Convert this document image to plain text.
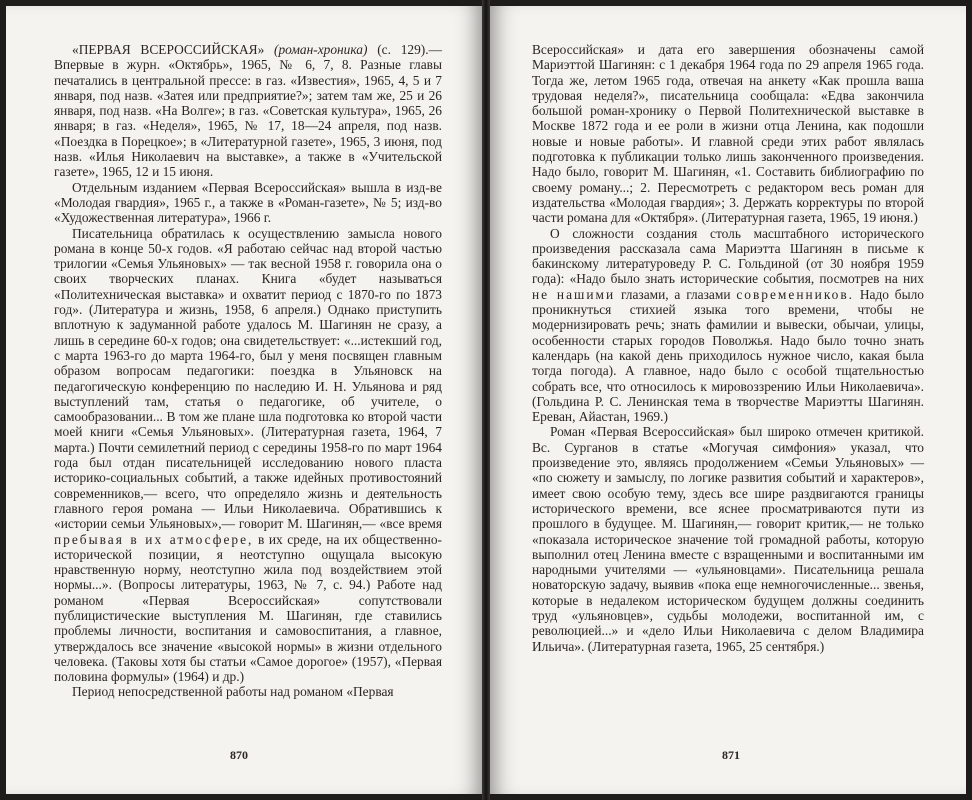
«ПЕРВАЯ ВСЕРОССИЙСКАЯ» (роман-хроника) (с. 129).— Впервые в журн. «Октябрь», 1965, № 6, 7, 8. Разные главы печатались в центральной прессе: в газ. «Известия», 1965, 4, 5 и 7 января, под назв. «Затея или предприятие?»; затем там же, 25 и 26 января, под назв. «На Волге»; в газ. «Советская культура», 1965, 26 января; в газ. «Неделя», 1965, № 17, 18—24 апреля, под назв. «Поездка в Порецкое»; в «Литературной газете», 1965, 3 июня, под назв. «Илья Николаевич на выставке», а также в «Учительской газете», 1965, 12 и 15 июня.

Отдельным изданием «Первая Всероссийская» вышла в изд-ве «Молодая гвардия», 1965 г., а также в «Роман-газете», № 5; изд-во «Художественная литература», 1966 г.

Писательница обратилась к осуществлению замысла нового романа в конце 50-х годов. «Я работаю сейчас над второй частью трилогии «Семья Ульяновых» — так весной 1958 г. говорила она о своих творческих планах. Книга «будет называться «Политехническая выставка» и охватит период с 1870-го по 1873 год». (Литература и жизнь, 1958, 6 апреля.) Однако приступить вплотную к задуманной работе удалось М. Шагинян не сразу, а лишь в середине 60-х годов; она свидетельствует: «...истекший год, с марта 1963-го до марта 1964-го, был у меня посвящен главным образом вопросам педагогики: поездка в Ульяновск на педагогическую конференцию по наследию И. Н. Ульянова и ряд выступлений там, статья о педагогике, об учителе, о самообразовании... В том же плане шла подготовка ко второй части моей книги «Семья Ульяновых». (Литературная газета, 1964, 7 марта.) Почти семилетний период с середины 1958-го по март 1964 года был отдан писательницей исследованию нового пласта историко-социальных событий, а также идейных противостояний современников,— всего, что определяло жизнь и деятельность главного героя романа — Ильи Николаевича. Обратившись к «истории семьи Ульяновых»,— говорит М. Шагинян,— «все время пребывая в их атмосфере, в их среде, на их общественно-исторической позиции, я неотступно ощущала высокую нравственную норму, неотступно жила под воздействием этой нормы...». (Вопросы литературы, 1963, № 7, с. 94.) Работе над романом «Первая Всероссийская» сопутствовали публицистические выступления М. Шагинян, где ставились проблемы личности, воспитания и самовоспитания, а главное, утверждалось все значение «высокой нормы» в жизни отдельного человека. (Таковы хотя бы статьи «Самое дорогое» (1957), «Первая половина формулы» (1964) и др.)

Период непосредственной работы над романом «Первая

870

Всероссийская» и дата его завершения обозначены самой Мариэттой Шагинян: с 1 декабря 1964 года по 29 апреля 1965 года. Тогда же, летом 1965 года, отвечая на анкету «Как прошла ваша трудовая неделя?», писательница сообщала: «Едва закончила большой роман-хронику о Первой Политехнической выставке в Москве 1872 года и ее роли в жизни отца Ленина, как подошли новые и новые работы». И главной среди этих работ являлась подготовка к публикации только лишь законченного произведения. Надо было, говорит М. Шагинян, «1. Составить библиографию по своему роману...; 2. Пересмотреть с редактором весь роман для издательства «Молодая гвардия»; 3. Держать корректуры по второй части романа для «Октября». (Литературная газета, 1965, 19 июня.)

О сложности создания столь масштабного исторического произведения рассказала сама Мариэтта Шагинян в письме к бакинскому литературоведу Р. С. Гольдиной (от 30 ноября 1959 года): «Надо было знать исторические события, посмотрев на них не нашими глазами, а глазами современников. Надо было проникнуться стихией языка того времени, чтобы не модернизировать речь; знать фамилии и вывески, обычаи, улицы, особенности старых городов Поволжья. Надо было точно знать календарь (на какой день приходилось нужное число, какая была тогда погода). А главное, надо было с особой тщательностью собрать все, что относилось к мировоззрению Ильи Николаевича». (Гольдина Р. С. Ленинская тема в творчестве Мариэтты Шагинян. Ереван, Айастан, 1969.)

Роман «Первая Всероссийская» был широко отмечен критикой. Вс. Сурганов в статье «Могучая симфония» указал, что произведение это, являясь продолжением «Семьи Ульяновых» — «по сюжету и замыслу, по логике развития событий и характеров», имеет свою особую тему, здесь все шире раздвигаются границы исторического времени, все яснее просматриваются пути из прошлого в будущее. М. Шагинян,— говорит критик,— не только «показала историческое значение той громадной работы, которую выполнил отец Ленина вместе с взращенными и воспитанными им народными учителями — «ульяновцами». Писательница решала новаторскую задачу, выявив «пока еще немногочисленные... звенья, которые в недалеком историческом будущем должны соединить труд «ульяновцев», судьбы молодежи, воспитанной им, с революцией...» и «дело Ильи Николаевича с делом Владимира Ильича». (Литературная газета, 1965, 25 сентября.)

871
